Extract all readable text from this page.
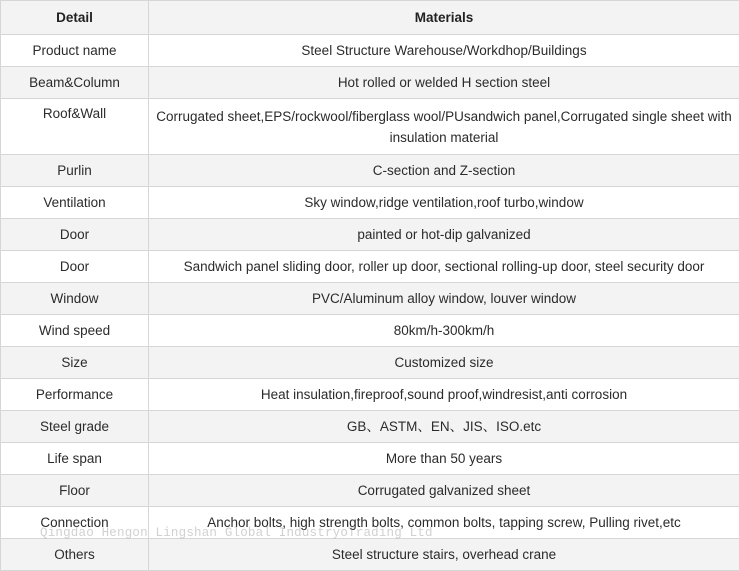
Detail	Materials
Product name	Steel Structure Warehouse/Workdhop/Buildings
Beam&Column	Hot rolled or welded H section steel
Roof&Wall	Corrugated sheet,EPS/rockwool/fiberglass wool/PUsandwich panel,Corrugated single sheet with insulation material
Purlin	C-section and Z-section
Ventilation	Sky window,ridge ventilation,roof turbo,window
Door	painted or hot-dip galvanized
Door	Sandwich panel sliding door, roller up door, sectional rolling-up door, steel security door
Window	PVC/Aluminum alloy window, louver window
Wind speed	80km/h-300km/h
Size	Customized size
Performance	Heat insulation,fireproof,sound proof,windresist,anti corrosion
Steel grade	GB、ASTM、EN、JIS、ISO.etc
Life span	More than 50 years
Floor	Corrugated galvanized sheet
Connection	Anchor bolts, high strength bolts, common bolts, tapping screw, Pulling rivet,etc
Others	Steel structure stairs, overhead crane
Qingdao Hengon Lingshan Global IndustryoTrading Ltd
